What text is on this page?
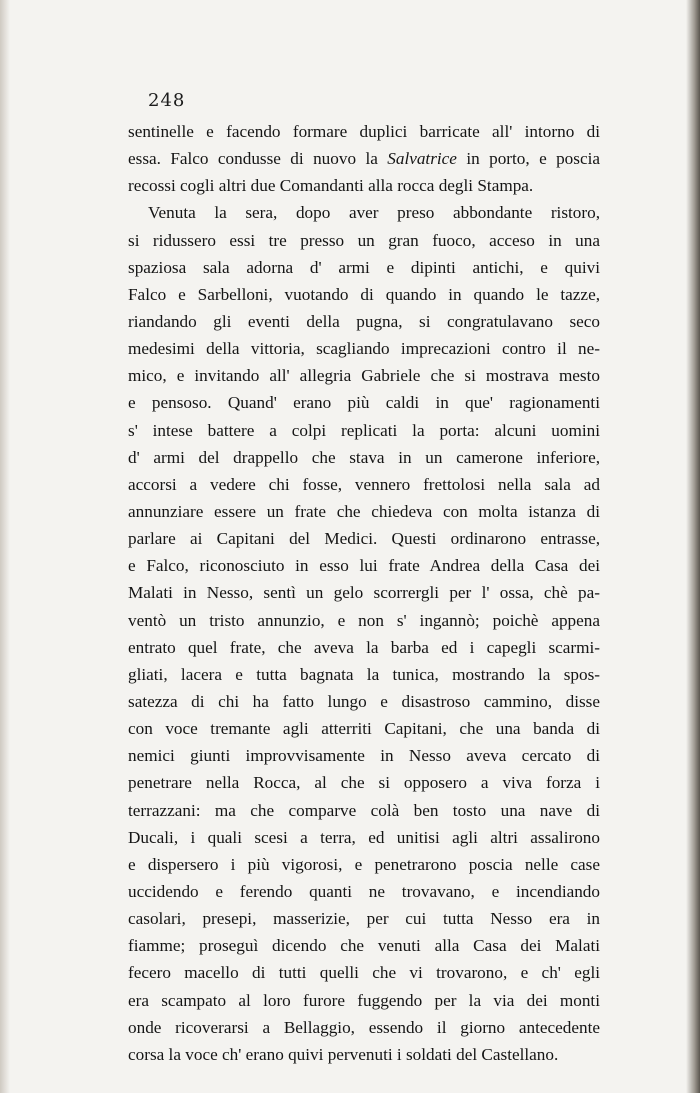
248
sentinelle e facendo formare duplici barricate all' intorno di
essa. Falco condusse di nuovo la Salvatrice in porto, e poscia
recossi cogli altri due Comandanti alla rocca degli Stampa.
Venuta la sera, dopo aver preso abbondante ristoro,
si ridussero essi tre presso un gran fuoco, acceso in una
spaziosa sala adorna d' armi e dipinti antichi, e quivi
Falco e Sarbelloni, vuotando di quando in quando le tazze,
riandando gli eventi della pugna, si congratulavano seco
medesimi della vittoria, scagliando imprecazioni contro il ne-
mico, e invitando all' allegria Gabriele che si mostrava mesto
e pensoso. Quand' erano più caldi in que' ragionamenti
s' intese battere a colpi replicati la porta: alcuni uomini
d' armi del drappello che stava in un camerone inferiore,
accorsi a vedere chi fosse, vennero frettolosi nella sala ad
annunziare essere un frate che chiedeva con molta istanza di
parlare ai Capitani del Medici. Questi ordinarono entrasse,
e Falco, riconosciuto in esso lui frate Andrea della Casa dei
Malati in Nesso, sentì un gelo scorrergli per l' ossa, chè pa-
ventò un tristo annunzio, e non s' ingannò; poichè appena
entrato quel frate, che aveva la barba ed i capegli scarmi-
gliati, lacera e tutta bagnata la tunica, mostrando la spos-
satezza di chi ha fatto lungo e disastroso cammino, disse
con voce tremante agli atterriti Capitani, che una banda di
nemici giunti improvvisamente in Nesso aveva cercato di
penetrare nella Rocca, al che si opposero a viva forza i
terrazzani: ma che comparve colà ben tosto una nave di
Ducali, i quali scesi a terra, ed unitisi agli altri assalirono
e dispersero i più vigorosi, e penetrarono poscia nelle case
uccidendo e ferendo quanti ne trovavano, e incendiando
casolari, presepi, masserizie, per cui tutta Nesso era in
fiamme; proseguì dicendo che venuti alla Casa dei Malati
fecero macello di tutti quelli che vi trovarono, e ch' egli
era scampato al loro furore fuggendo per la via dei monti
onde ricoverarsi a Bellaggio, essendo il giorno antecedente
corsa la voce ch' erano quivi pervenuti i soldati del Castellano.
